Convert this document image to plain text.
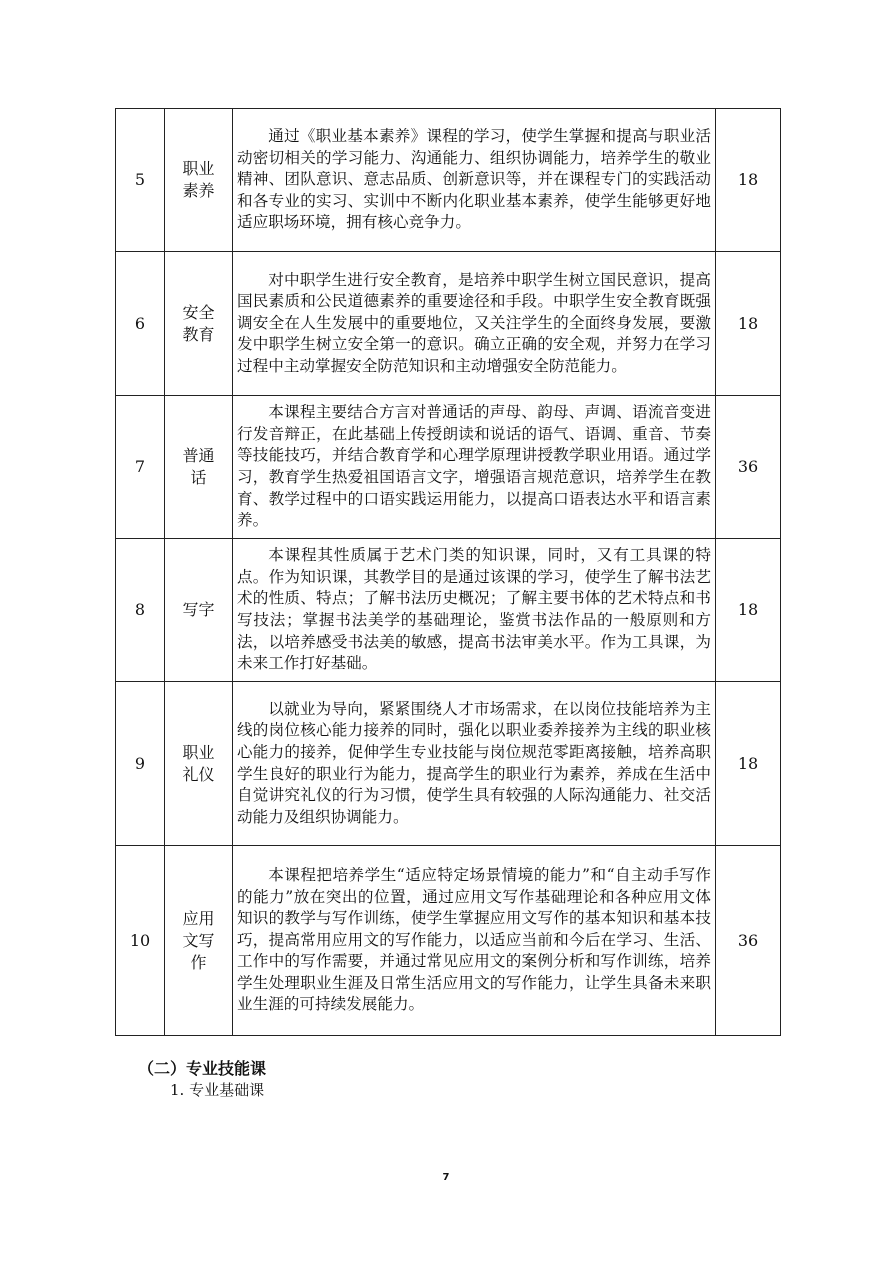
5	职业素养	通过《职业基本素养》课程的学习，使学生掌握和提高与职业活动密切相关的学习能力、沟通能力、组织协调能力，培养学生的敬业精神、团队意识、意志品质、创新意识等，并在课程专门的实践活动和各专业的实习、实训中不断内化职业基本素养，使学生能够更好地适应职场环境，拥有核心竞争力。	18
6	安全教育	对中职学生进行安全教育，是培养中职学生树立国民意识，提高国民素质和公民道德素养的重要途径和手段。中职学生安全教育既强调安全在人生发展中的重要地位，又关注学生的全面终身发展，要激发中职学生树立安全第一的意识。确立正确的安全观，并努力在学习过程中主动掌握安全防范知识和主动增强安全防范能力。	18
7	普通话	本课程主要结合方言对普通话的声母、韵母、声调、语流音变进行发音辩正，在此基础上传授朗读和说话的语气、语调、重音、节奏等技能技巧，并结合教育学和心理学原理讲授教学职业用语。通过学习，教育学生热爱祖国语言文字，增强语言规范意识，培养学生在教育、教学过程中的口语实践运用能力，以提高口语表达水平和语言素养。	36
8	写字	本课程其性质属于艺术门类的知识课，同时，又有工具课的特点。作为知识课，其教学目的是通过该课的学习，使学生了解书法艺术的性质、特点；了解书法历史概况；了解主要书体的艺术特点和书写技法；掌握书法美学的基础理论，鉴赏书法作品的一般原则和方法，以培养感受书法美的敏感，提高书法审美水平。作为工具课，为未来工作打好基础。	18
9	职业礼仪	以就业为导向，紧紧围绕人才市场需求，在以岗位技能培养为主线的岗位核心能力接养的同时，强化以职业委养接养为主线的职业核心能力的接养，促伸学生专业技能与岗位规范零距离接触，培养高职学生良好的职业行为能力，提高学生的职业行为素养，养成在生活中自觉讲究礼仪的行为习惯，使学生具有较强的人际沟通能力、社交活动能力及组织协调能力。	18
10	应用文写作	本课程把培养学生“适应特定场景情境的能力”和“自主动手写作的能力”放在突出的位置，通过应用文写作基础理论和各种应用文体知识的教学与写作训练，使学生掌握应用文写作的基本知识和基本技巧，提高常用应用文的写作能力，以适应当前和今后在学习、生活、工作中的写作需要，并通过常见应用文的案例分析和写作训练，培养学生处理职业生涯及日常生活应用文的写作能力，让学生具备未来职业生涯的可持续发展能力。	36
（二）专业技能课
1. 专业基础课
7
